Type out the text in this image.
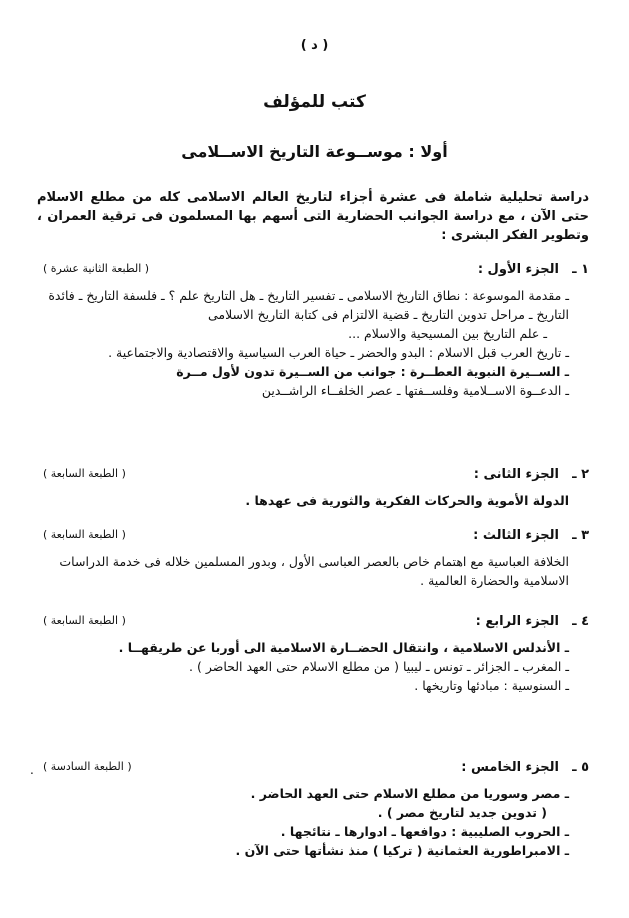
( د )
كتب للمؤلف
أولا : موســوعة التاريخ الاســلامى

دراسة تحليلية شاملة فى عشرة أجزاء لتاريخ العالم الاسلامى كله من مطلع الاسلام حتى الآن ، مع دراسة الجوانب الحضارية التى أسهم بها المسلمون فى ترقية العمران ، وتطوير الفكر البشرى :

١ ـ
الجزء الأول :
( الطبعة الثانية عشرة )
ـ مقدمة الموسوعة : نطاق التاريخ الاسلامى ـ تفسير التاريخ ـ هل التاريخ علم ؟ ـ فلسفة التاريخ ـ فائدة التاريخ ـ مراحل تدوين التاريخ ـ قضية الالتزام فى كتابة التاريخ الاسلامى
ـ علم التاريخ بين المسيحية والاسلام ...
ـ تاريخ العرب قبل الاسلام : البدو والحضر ـ حياة العرب السياسية والاقتصادية والاجتماعية .
ـ الســيرة النبوية العطــرة : جوانب من الســيرة تدون لأول مــرة
ـ الدعــوة الاســلامية وفلســفتها ـ عصر الخلفــاء الراشــدين
٢ ـ
الجزء الثانى :
( الطبعة السابعة )
الدولة الأموية والحركات الفكرية والثورية فى عهدها .
٣ ـ
الجزء الثالث :
( الطبعة السابعة )
الخلافة العباسية مع اهتمام خاص بالعصر العباسى الأول ، وبدور المسلمين خلاله فى خدمة الدراسات الاسلامية والحضارة العالمية .
٤ ـ
الجزء الرابع :
( الطبعة السابعة )
ـ الأندلس الاسلامية ، وانتقال الحضــارة الاسلامية الى أوربا عن طريقهــا .
ـ المغرب ـ الجزائر ـ تونس ـ ليبيا ( من مطلع الاسلام حتى العهد الحاضر ) .
ـ السنوسية : مبادئها وتاريخها .
٥ ـ
الجزء الخامس :
( الطبعة السادسة )
ـ مصر وسوريا من مطلع الاسلام حتى العهد الحاضر .
( تدوين جديد لتاريخ مصر ) .
ـ الحروب الصليبية : دوافعها ـ ادوارها ـ نتائجها .
ـ الامبراطورية العثمانية ( تركيا ) منذ نشأتها حتى الآن .
.
